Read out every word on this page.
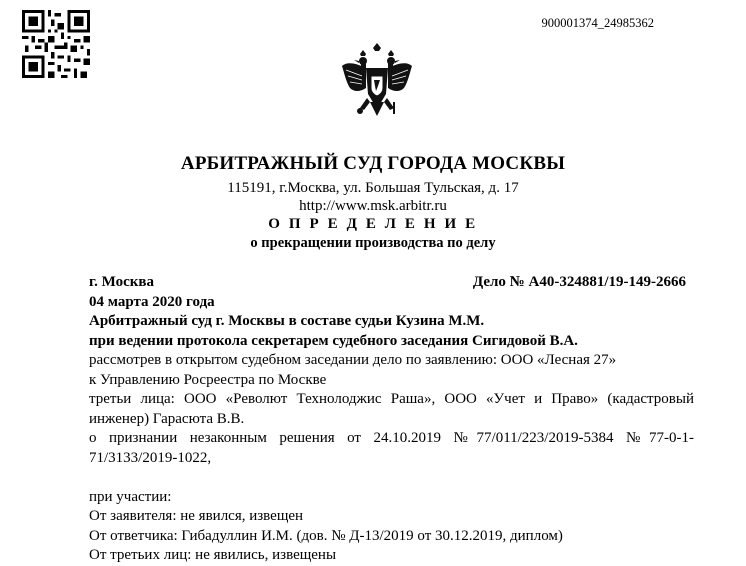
900001374_24985362
АРБИТРАЖНЫЙ СУД ГОРОДА МОСКВЫ
115191, г.Москва, ул. Большая Тульская, д. 17
http://www.msk.arbitr.ru
О П Р Е Д Е Л Е Н И Е
о прекращении производства по делу
г. Москва	Дело № А40-324881/19-149-2666

04 марта 2020 года

Арбитражный суд г. Москвы в составе судьи Кузина М.М.

при ведении протокола секретарем судебного заседания Сигидовой В.А.

рассмотрев в открытом судебном заседании дело по заявлению: ООО «Лесная 27»

к Управлению Росреестра по Москве

третьи лица: ООО «Револют Технолоджис Раша», ООО «Учет и Право» (кадастровый инженер) Гарасюта В.В.

о признании незаконным решения от 24.10.2019 №77/011/223/2019-5384 №77-0-1-71/3133/2019-1022,

при участии:

От заявителя: не явился, извещен

От ответчика: Гибадуллин И.М. (дов. № Д-13/2019 от 30.12.2019, диплом)

От третьих лиц: не явились, извещены
